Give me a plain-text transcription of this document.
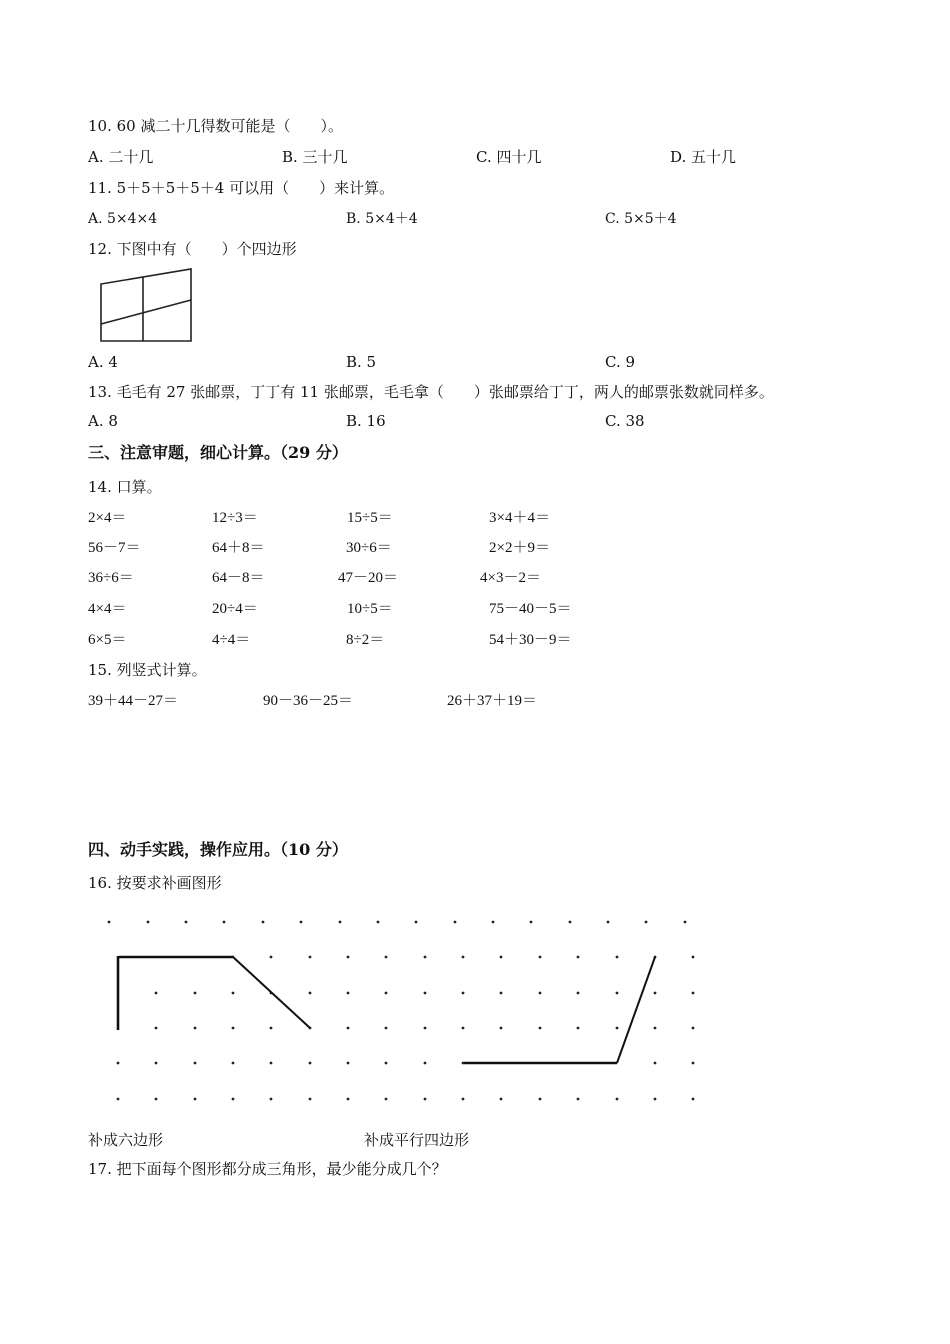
10. 60 减二十几得数可能是（　　）。
A. 二十几	B. 三十几	C. 四十几	D. 五十几
11. 5＋5＋5＋5＋4 可以用（　　）来计算。
A. 5×4×4	B. 5×4＋4	C. 5×5＋4
12. 下图中有（　　）个四边形
A. 4	B. 5	C. 9
13. 毛毛有 27 张邮票，丁丁有 11 张邮票，毛毛拿（　　）张邮票给丁丁，两人的邮票张数就同样多。
A. 8	B. 16	C. 38
三、注意审题，细心计算。（29 分）
14. 口算。
2×4＝	12÷3＝	15÷5＝	3×4＋4＝
56－7＝	64＋8＝	30÷6＝	2×2＋9＝
36÷6＝	64－8＝	47－20＝	4×3－2＝
4×4＝	20÷4＝	10÷5＝	75－40－5＝
6×5＝	4÷4＝	8÷2＝	54＋30－9＝
15. 列竖式计算。
39＋44－27＝	90－36－25＝	26＋37＋19＝
四、动手实践，操作应用。（10 分）
16. 按要求补画图形
补成六边形	补成平行四边形
17. 把下面每个图形都分成三角形，最少能分成几个？
